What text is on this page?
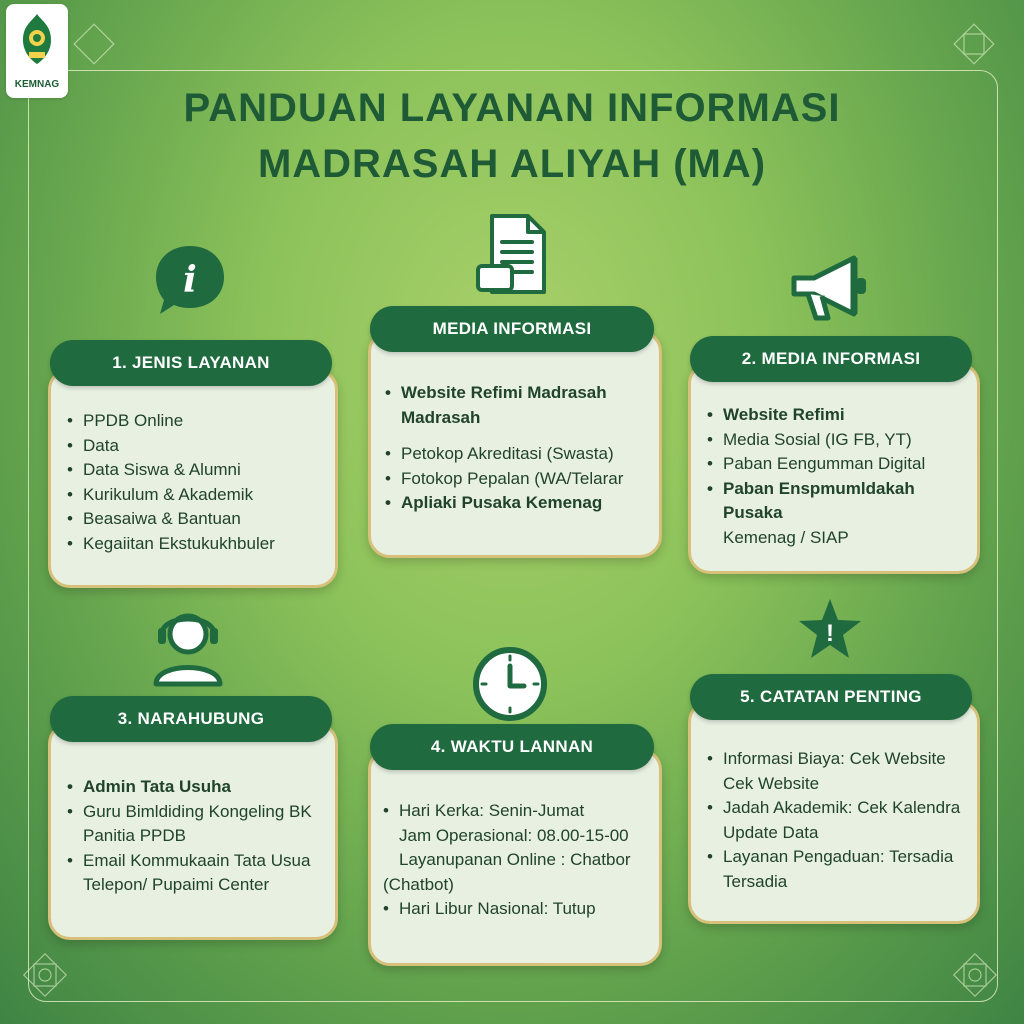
KEMNAG
PANDUAN LAYANAN INFORMASI
MADRASAH ALIYAH (MA)
i
!
• PPDB Online
• Data
• Data Siswa & Alumni
• Kurikulum & Akademik
• Beasaiwa & Bantuan
• Kegaiitan Ekstukukhbuler
1. JENIS LAYANAN
• Website Refimi Madrasah
Madrasah
• Petokop Akreditasi (Swasta)
• Fotokop Pepalan (WA/Telarar
• Apliaki Pusaka Kemenag
MEDIA INFORMASI
• Website Refimi
• Media Sosial (IG FB, YT)
• Paban Eengumman Digital
• Paban Enspmumldakah Pusaka
Kemenag / SIAP
2. MEDIA INFORMASI
• Admin Tata Usuha
• Guru Bimldiding Kongeling BK
Panitia PPDB
• Email Kommukaain Tata Usua
Telepon/ Pupaimi Center
3. NARAHUBUNG
• Hari Kerka: Senin-Jumat
Jam Operasional: 08.00-15-00
Layanupanan Online : Chatbor
(Chatbot)
• Hari Libur Nasional: Tutup
4. WAKTU LANNAN
• Informasi Biaya: Cek Website
Cek Website
• Jadah Akademik: Cek Kalendra
Update Data
• Layanan Pengaduan: Tersadia
Tersadia
5. CATATAN PENTING
